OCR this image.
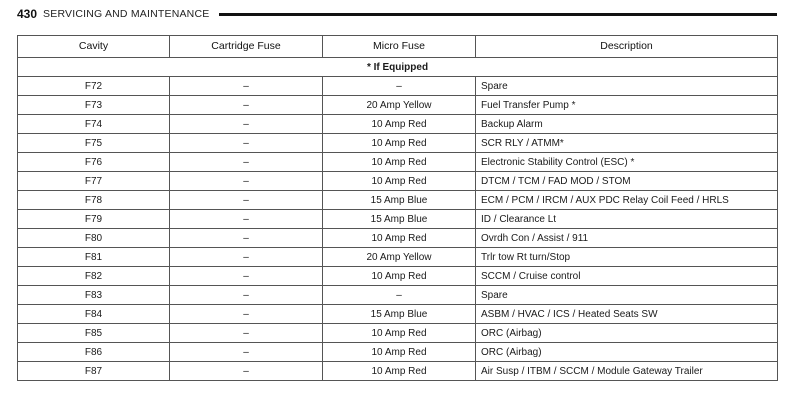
430 SERVICING AND MAINTENANCE
Cavity	Cartridge Fuse	Micro Fuse	Description
* If Equipped			
F72	–	–	Spare
F73	–	20 Amp Yellow	Fuel Transfer Pump *
F74	–	10 Amp Red	Backup Alarm
F75	–	10 Amp Red	SCR RLY / ATMM*
F76	–	10 Amp Red	Electronic Stability Control (ESC) *
F77	–	10 Amp Red	DTCM / TCM / FAD MOD / STOM
F78	–	15 Amp Blue	ECM / PCM / IRCM / AUX PDC Relay Coil Feed / HRLS
F79	–	15 Amp Blue	ID / Clearance Lt
F80	–	10 Amp Red	Ovrdh Con / Assist / 911
F81	–	20 Amp Yellow	Trlr tow Rt turn/Stop
F82	–	10 Amp Red	SCCM / Cruise control
F83	–	–	Spare
F84	–	15 Amp Blue	ASBM / HVAC / ICS / Heated Seats SW
F85	–	10 Amp Red	ORC (Airbag)
F86	–	10 Amp Red	ORC (Airbag)
F87	–	10 Amp Red	Air Susp / ITBM / SCCM / Module Gateway Trailer
